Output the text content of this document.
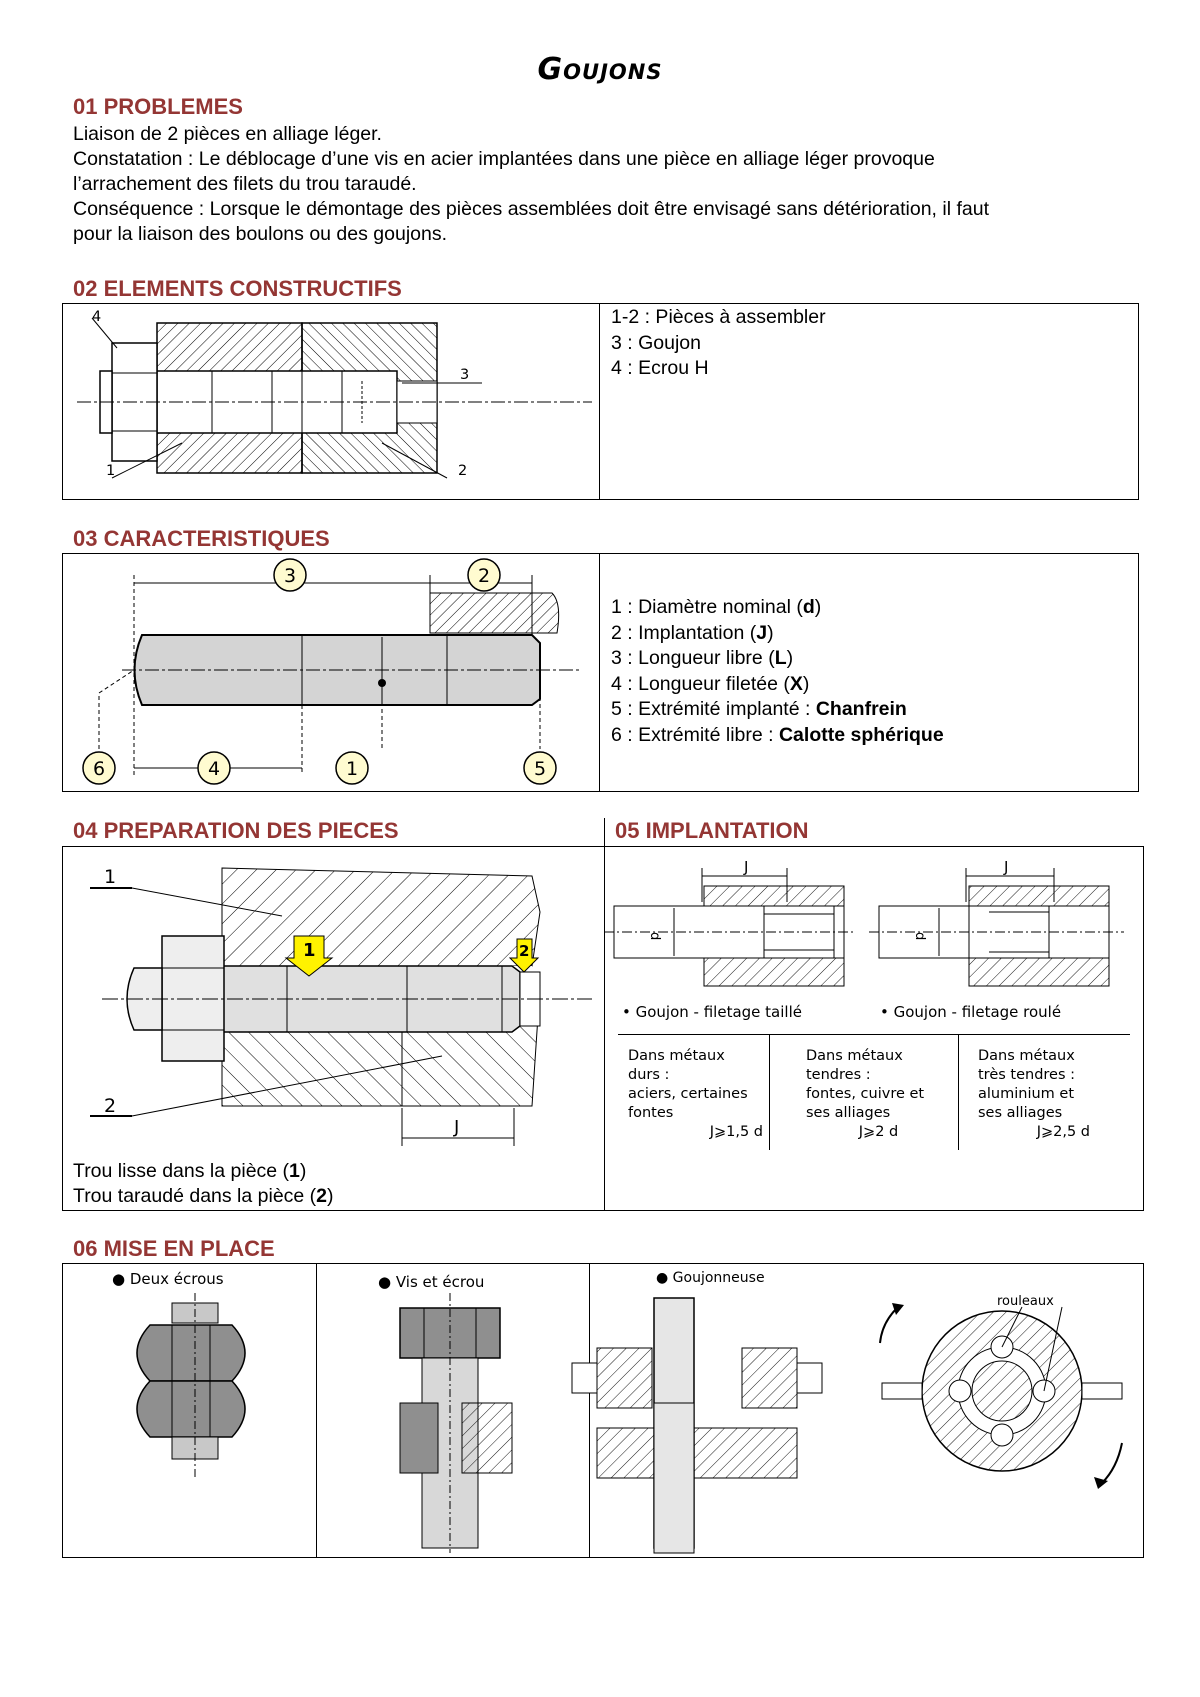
Goujons
01 PROBLEMES
Liaison de 2 pièces en alliage léger.
Constatation : Le déblocage d’une vis en acier implantées dans une pièce en alliage léger provoque
l’arrachement des filets du trou taraudé.
Conséquence : Lorsque le démontage des pièces assemblées doit être envisagé sans détérioration, il faut
pour la liaison des boulons ou des goujons.
02 ELEMENTS CONSTRUCTIFS
1-2 : Pièces à assembler
3 : Goujon
4 : Ecrou H
4
3
1	2
03 CARACTERISTIQUES
1 : Diamètre nominal (d)
2 : Implantation (J)
3 : Longueur libre (L)
4 : Longueur filetée (X)
5 : Extrémité implanté : Chanfrein
6 : Extrémité libre : Calotte sphérique
3	2
6	4	1	5
04 PREPARATION DES PIECES	05 IMPLANTATION
1
2
1	2
J
Trou lisse dans la pièce (1)
Trou taraudé dans la pièce (2)
J
d
J
d
• Goujon - filetage taillé	• Goujon - filetage roulé
Dans métaux
durs :
aciers, certaines
fontes
J⩾1,5 d
Dans métaux
tendres :
fontes, cuivre et
ses alliages
J⩾2 d
Dans métaux
très tendres :
aluminium et
ses alliages
J⩾2,5 d
06 MISE EN PLACE
● Deux écrous	● Vis et écrou	● Goujonneuse
rouleaux
